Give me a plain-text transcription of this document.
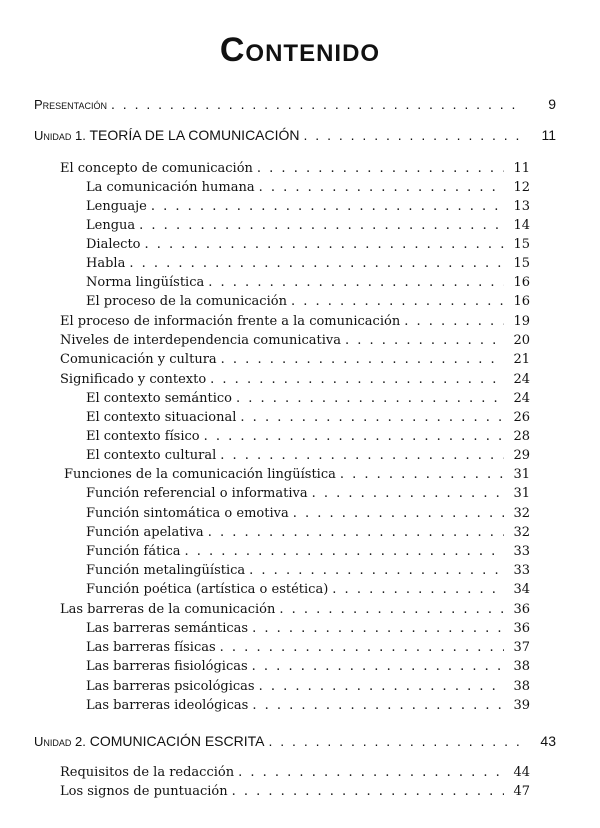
Contenido
Presentación . . .	9
Unidad 1. TEORÍA DE LA COMUNICACIÓN . . .	11
El concepto de comunicación . . .	11
La comunicación humana . . .	12
Lenguaje . . .	13
Lengua . . .	14
Dialecto . . .	15
Habla . . .	15
Norma lingüística . . .	16
El proceso de la comunicación . . .	16
El proceso de información frente a la comunicación . . .	19
Niveles de interdependencia comunicativa . . .	20
Comunicación y cultura . . .	21
Significado y contexto . . .	24
El contexto semántico . . .	24
El contexto situacional . . .	26
El contexto físico . . .	28
El contexto cultural . . .	29
Funciones de la comunicación lingüística . . .	31
Función referencial o informativa . . .	31
Función sintomática o emotiva . . .	32
Función apelativa . . .	32
Función fática . . .	33
Función metalingüística . . .	33
Función poética (artística o estética) . . .	34
Las barreras de la comunicación . . .	36
Las barreras semánticas . . .	36
Las barreras físicas . . .	37
Las barreras fisiológicas . . .	38
Las barreras psicológicas . . .	38
Las barreras ideológicas . . .	39
Unidad 2. COMUNICACIÓN ESCRITA . . .	43
Requisitos de la redacción . . .	44
Los signos de puntuación . . .	47
